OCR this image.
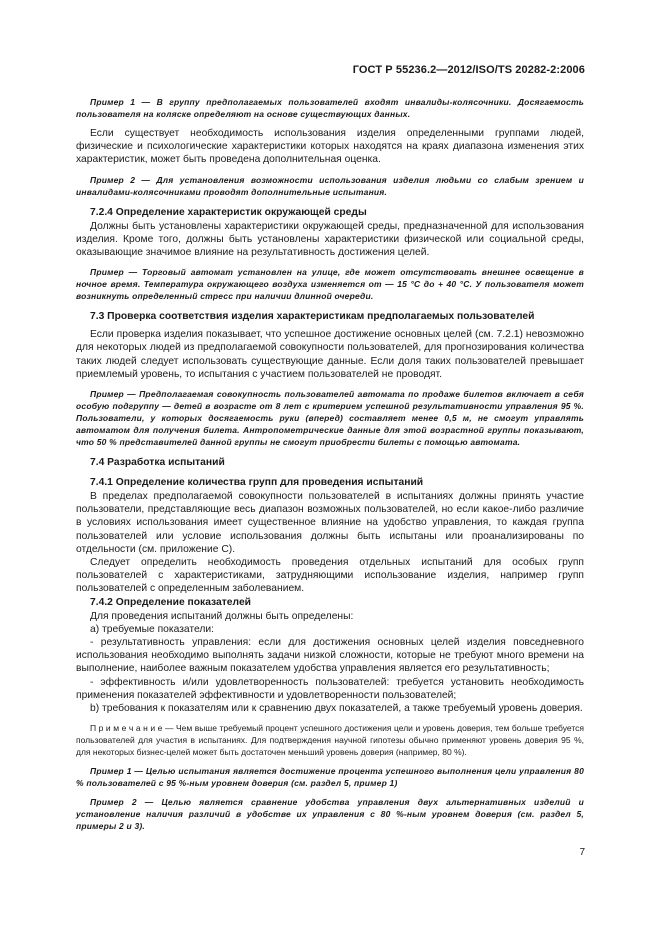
ГОСТ Р 55236.2—2012/ISO/TS 20282-2:2006

Пример 1 — В группу предполагаемых пользователей входят инвалиды-колясочники. Досягаемость пользователя на коляске определяют на основе существующих данных.

Если существует необходимость использования изделия определенными группами людей, физические и психологические характеристики которых находятся на краях диапазона изменения этих характеристик, может быть проведена дополнительная оценка.

Пример 2 — Для установления возможности использования изделия людьми со слабым зрением и инвалидами-колясочниками проводят дополнительные испытания.

7.2.4 Определение характеристик окружающей среды

Должны быть установлены характеристики окружающей среды, предназначенной для использования изделия. Кроме того, должны быть установлены характеристики физической или социальной среды, оказывающие значимое влияние на результативность достижения целей.

Пример — Торговый автомат установлен на улице, где может отсутствовать внешнее освещение в ночное время. Температура окружающего воздуха изменяется от — 15 °С до + 40 °С. У пользователя может возникнуть определенный стресс при наличии длинной очереди.

7.3 Проверка соответствия изделия характеристикам предполагаемых пользователей

Если проверка изделия показывает, что успешное достижение основных целей (см. 7.2.1) невозможно для некоторых людей из предполагаемой совокупности пользователей, для прогнозирования количества таких людей следует использовать существующие данные. Если доля таких пользователей превышает приемлемый уровень, то испытания с участием пользователей не проводят.

Пример — Предполагаемая совокупность пользователей автомата по продаже билетов включает в себя особую подгруппу — детей в возрасте от 8 лет с критерием успешной результативности управления 95 %. Пользователи, у которых досягаемость руки (вперед) составляет менее 0,5 м, не смогут управлять автоматом для получения билета. Антропометрические данные для этой возрастной группы показывают, что 50 % представителей данной группы не смогут приобрести билеты с помощью автомата.

7.4 Разработка испытаний

7.4.1 Определение количества групп для проведения испытаний

В пределах предполагаемой совокупности пользователей в испытаниях должны принять участие пользователи, представляющие весь диапазон возможных пользователей, но если какое-либо различие в условиях использования имеет существенное влияние на удобство управления, то каждая группа пользователей или условие использования должны быть испытаны или проанализированы по отдельности (см. приложение С).

Следует определить необходимость проведения отдельных испытаний для особых групп пользователей с характеристиками, затрудняющими использование изделия, например групп пользователей с определенным заболеванием.

7.4.2 Определение показателей

Для проведения испытаний должны быть определены:

а) требуемые показатели:

- результативность управления: если для достижения основных целей изделия повседневного использования необходимо выполнять задачи низкой сложности, которые не требуют много времени на выполнение, наиболее важным показателем удобства управления является его результативность;

- эффективность и/или удовлетворенность пользователей: требуется установить необходимость применения показателей эффективности и удовлетворенности пользователей;

b) требования к показателям или к сравнению двух показателей, а также требуемый уровень доверия.

П р и м е ч а н и е — Чем выше требуемый процент успешного достижения цели и уровень доверия, тем больше требуется пользователей для участия в испытаниях. Для подтверждения научной гипотезы обычно применяют уровень доверия 95 %, для некоторых бизнес-целей может быть достаточен меньший уровень доверия (например, 80 %).

Пример 1 — Целью испытания является достижение процента успешного выполнения цели управления 80 % пользователей с 95 %-ным уровнем доверия (см. раздел 5, пример 1)

Пример 2 — Целью является сравнение удобства управления двух альтернативных изделий и установление наличия различий в удобстве их управления с 80 %-ным уровнем доверия (см. раздел 5, примеры 2 и 3).

7
